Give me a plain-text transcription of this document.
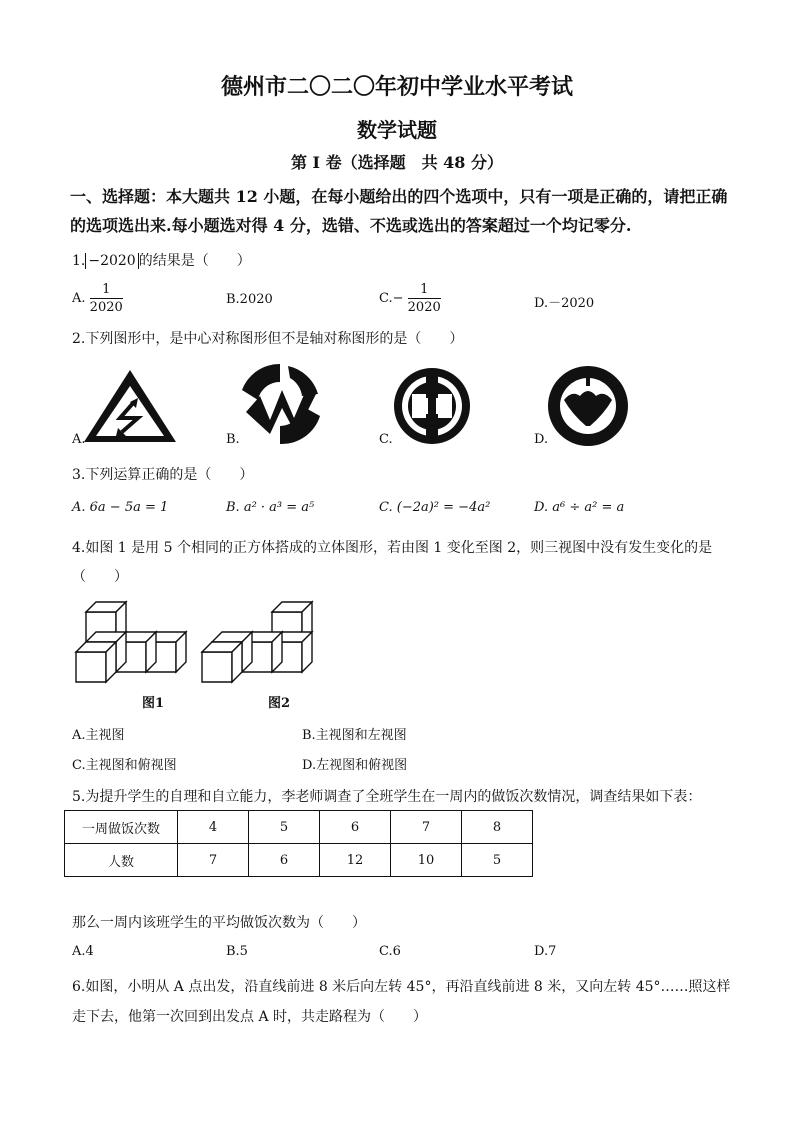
德州市二〇二〇年初中学业水平考试
数学试题
第 I 卷（选择题　共 48 分）
一、选择题：本大题共 12 小题，在每小题给出的四个选项中，只有一项是正确的，请把正确
的选项选出来.每小题选对得 4 分，选错、不选或选出的答案超过一个均记零分.
1. −2020 的结果是（　　）
A. $\frac{1}{2020}$	B.2020	$C.- \frac{1}{2020}$	D.－2020
2.下列图形中，是中心对称图形但不是轴对称图形的是（　　）
A.	B.	C.	D.
3.下列运算正确的是（　　）
A. 6a − 5a = 1	B. a² · a³ = a⁵	C. (−2a)² = −4a²	D. a⁶ ÷ a² = a
4.如图 1 是用 5 个相同的正方体搭成的立体图形，若由图 1 变化至图 2，则三视图中没有发生变化的是
（　　）
图1	图2
A.主视图	B.主视图和左视图
C.主视图和俯视图	D.左视图和俯视图
5.为提升学生的自理和自立能力，李老师调查了全班学生在一周内的做饭次数情况，调查结果如下表：
一周做饭次数	4	5	6	7	8
人数	7	6	12	10	5
那么一周内该班学生的平均做饭次数为（　　）
A.4	B.5	C.6	D.7
6.如图，小明从 A 点出发，沿直线前进 8 米后向左转 45°，再沿直线前进 8 米，又向左转 45°……照这样
走下去，他第一次回到出发点 A 时，共走路程为（　　）
